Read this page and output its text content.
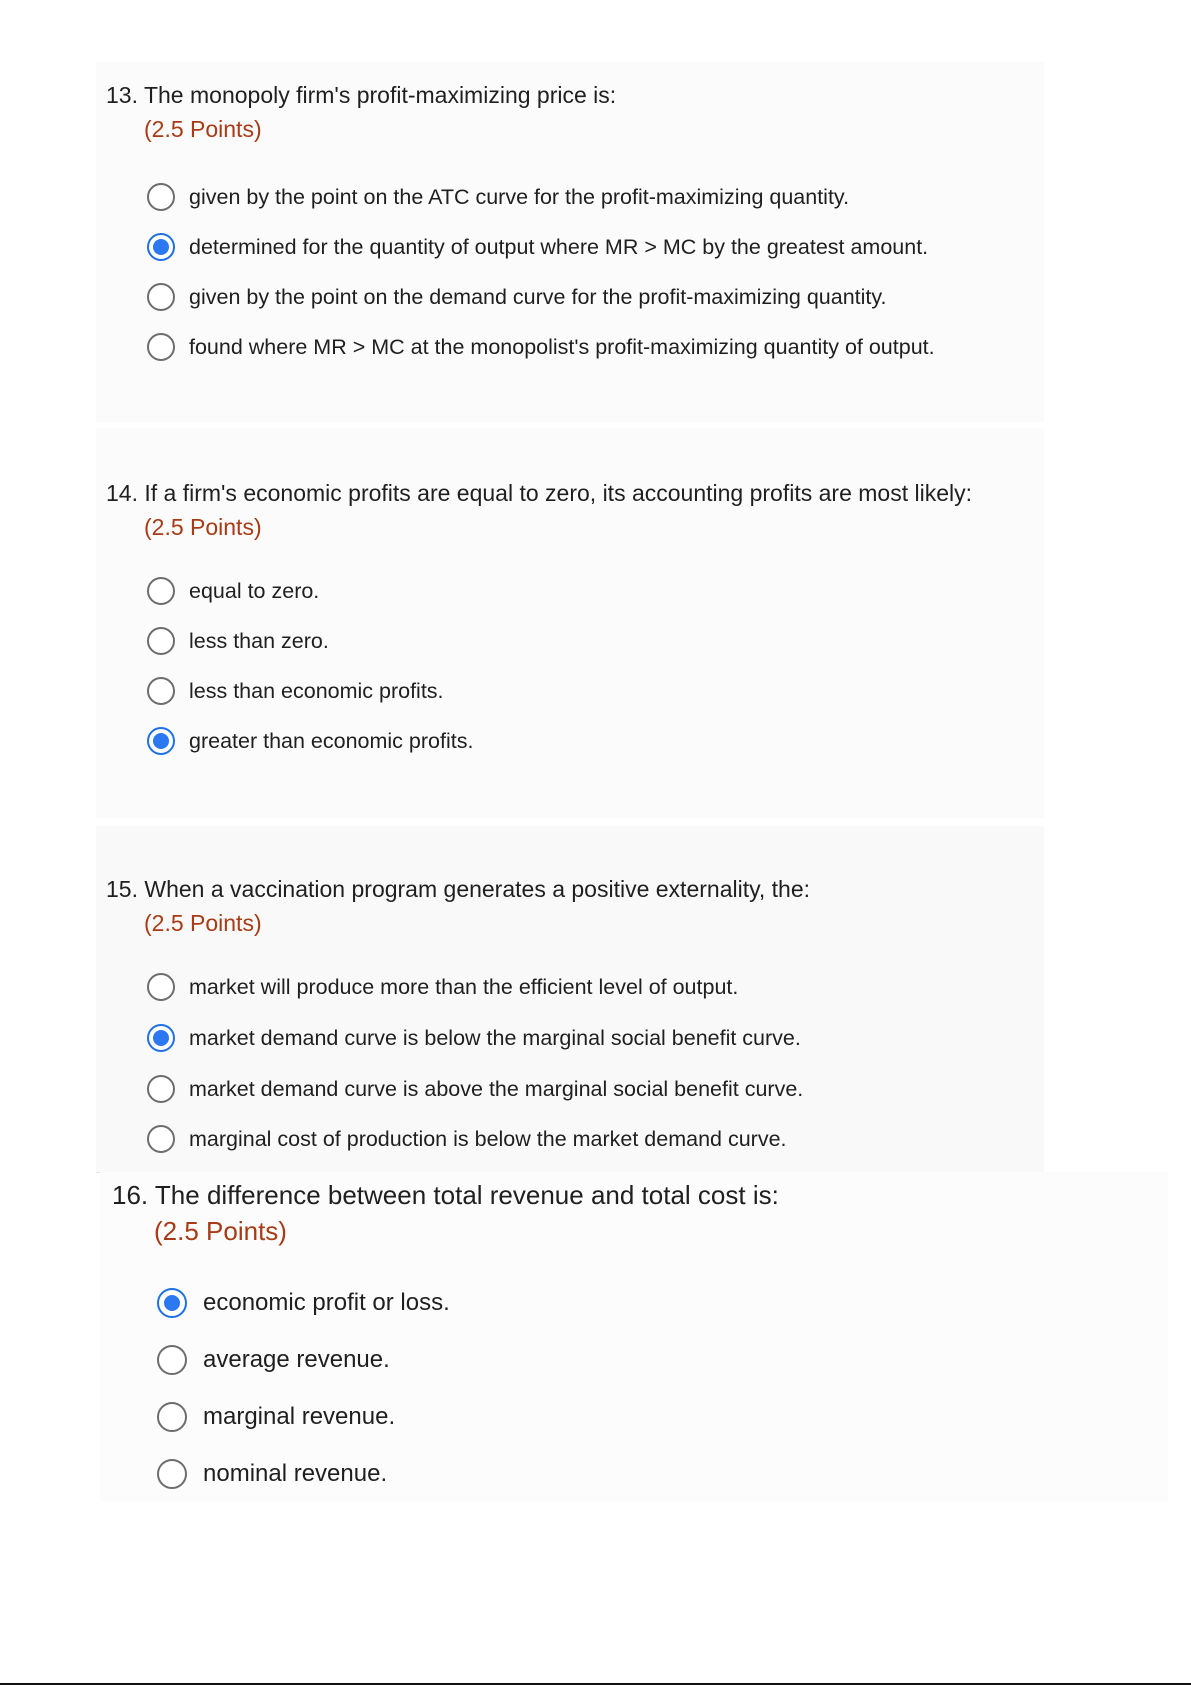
13. The monopoly firm's profit-maximizing price is:
(2.5 Points)
given by the point on the ATC curve for the profit-maximizing quantity.
determined for the quantity of output where MR > MC by the greatest amount.
given by the point on the demand curve for the profit-maximizing quantity.
found where MR > MC at the monopolist's profit-maximizing quantity of output.
14. If a firm's economic profits are equal to zero, its accounting profits are most likely:
(2.5 Points)
equal to zero.
less than zero.
less than economic profits.
greater than economic profits.
15. When a vaccination program generates a positive externality, the:
(2.5 Points)
market will produce more than the efficient level of output.
market demand curve is below the marginal social benefit curve.
market demand curve is above the marginal social benefit curve.
marginal cost of production is below the market demand curve.
16. The difference between total revenue and total cost is:
(2.5 Points)
economic profit or loss.
average revenue.
marginal revenue.
nominal revenue.
